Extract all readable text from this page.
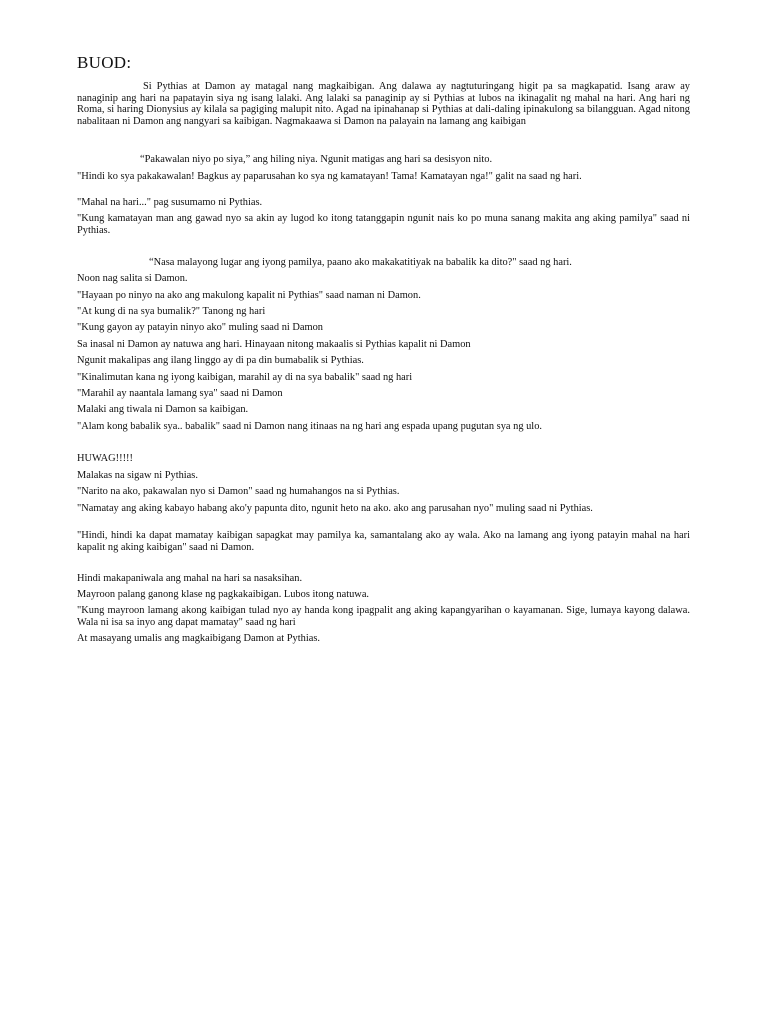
BUOD:

Si Pythias at Damon ay matagal nang magkaibigan. Ang dalawa ay nagtuturingang higit pa sa magkapatid. Isang araw ay nanaginip ang hari na papatayin siya ng isang lalaki. Ang lalaki sa panaginip ay si Pythias at lubos na ikinagalit ng mahal na hari. Ang hari ng Roma, si haring Dionysius ay kilala sa pagiging malupit nito. Agad na ipinahanap si Pythias at dali-daling ipinakulong sa bilangguan. Agad nitong nabalitaan ni Damon ang nangyari sa kaibigan. Nagmakaawa si Damon na palayain na lamang ang kaibigan

“Pakawalan niyo po siya,” ang hiling niya. Ngunit matigas ang hari sa desisyon nito.

"Hindi ko sya pakakawalan! Bagkus ay paparusahan ko sya ng kamatayan! Tama! Kamatayan nga!" galit na saad ng hari.

"Mahal na hari..." pag susumamo ni Pythias.

"Kung kamatayan man ang gawad nyo sa akin ay lugod ko itong tatanggapin ngunit nais ko po muna sanang makita ang aking pamilya" saad ni Pythias.

“Nasa malayong lugar ang iyong pamilya, paano ako makakatitiyak na babalik ka dito?" saad ng hari.

Noon nag salita si Damon.

"Hayaan po ninyo na ako ang makulong kapalit ni Pythias" saad naman ni Damon.

"At kung di na sya bumalik?" Tanong ng hari

"Kung gayon ay patayin ninyo ako" muling saad ni Damon

Sa inasal ni Damon ay natuwa ang hari. Hinayaan nitong makaalis si Pythias kapalit ni Damon

Ngunit makalipas ang ilang linggo ay di pa din bumabalik si Pythias.

"Kinalimutan kana ng iyong kaibigan, marahil ay di na sya babalik" saad ng hari

"Marahil ay naantala lamang sya" saad ni Damon

Malaki ang tiwala ni Damon sa kaibigan.

"Alam kong babalik sya.. babalik" saad ni Damon nang itinaas na ng hari ang espada upang pugutan sya ng ulo.

HUWAG!!!!!

Malakas na sigaw ni Pythias.

"Narito na ako, pakawalan nyo si Damon" saad ng humahangos na si Pythias.

"Namatay ang aking kabayo habang ako'y papunta dito, ngunit heto na ako. ako ang parusahan nyo" muling saad ni Pythias.

"Hindi, hindi ka dapat mamatay kaibigan sapagkat may pamilya ka, samantalang ako ay wala. Ako na lamang ang iyong patayin mahal na hari kapalit ng aking kaibigan" saad ni Damon.

Hindi makapaniwala ang mahal na hari sa nasaksihan.

Mayroon palang ganong klase ng pagkakaibigan. Lubos itong natuwa.

"Kung mayroon lamang akong kaibigan tulad nyo ay handa kong ipagpalit ang aking kapangyarihan o kayamanan. Sige, lumaya kayong dalawa. Wala ni isa sa inyo ang dapat mamatay" saad ng hari

At masayang umalis ang magkaibigang Damon at Pythias.
